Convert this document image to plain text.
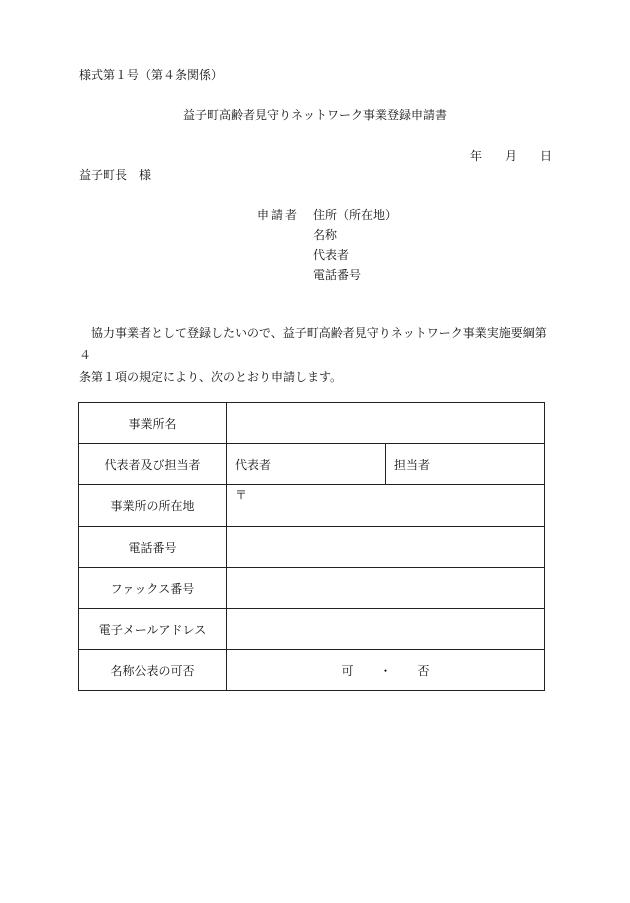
様式第１号（第４条関係）
益子町高齢者見守りネットワーク事業登録申請書
年 月 日
益子町長　様
申請者 住所（所在地）
名称
代表者
電話番号
協力事業者として登録したいので、益子町高齢者見守りネットワーク事業実施要綱第４
条第１項の規定により、次のとおり申請します。
事業所名		
代表者及び担当者	代表者	担当者
事業所の所在地	〒	
電話番号		
ファックス番号		
電子メールアドレス		
名称公表の可否	可 ・ 否	
